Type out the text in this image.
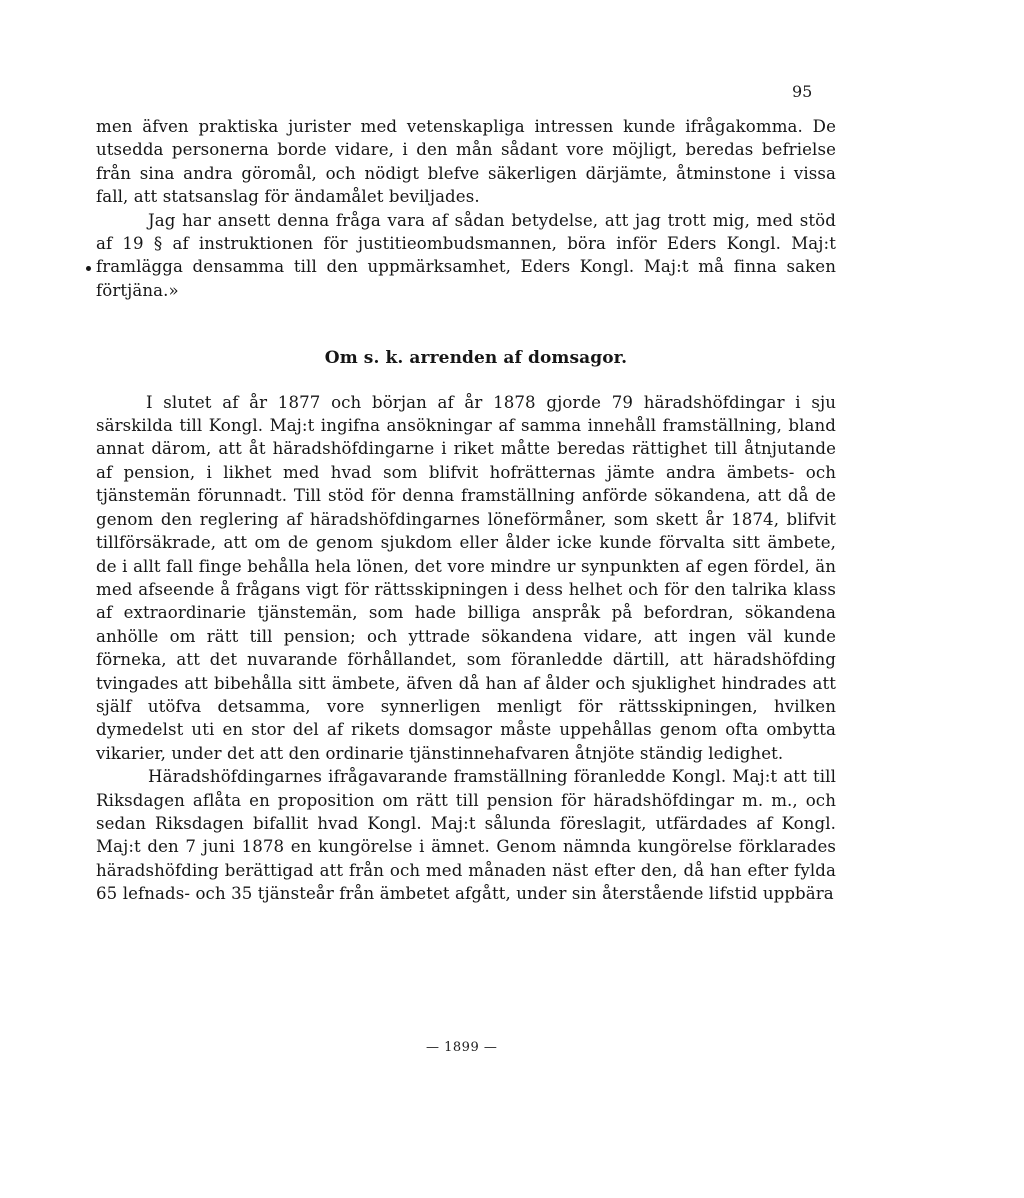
95

men äfven praktiska jurister med vetenskapliga intressen kunde ifrågakomma. De utsedda personerna borde vidare, i den mån sådant vore möjligt, beredas befrielse från sina andra göromål, och nödigt blefve säkerligen därjämte, åtminstone i vissa fall, att statsanslag för ändamålet beviljades.

Jag har ansett denna fråga vara af sådan betydelse, att jag trott mig, med stöd af 19 § af instruktionen för justitieombudsmannen, böra inför Eders Kongl. Maj:t framlägga densamma till den uppmärksamhet, Eders Kongl. Maj:t må finna saken förtjäna.»

Om s. k. arrenden af domsagor.

I slutet af år 1877 och början af år 1878 gjorde 79 häradshöfdingar i sju särskilda till Kongl. Maj:t ingifna ansökningar af samma innehåll framställning, bland annat därom, att åt häradshöfdingarne i riket måtte beredas rättighet till åtnjutande af pension, i likhet med hvad som blifvit hofrätternas jämte andra ämbets- och tjänstemän förunnadt. Till stöd för denna framställning anförde sökandena, att då de genom den reglering af häradshöfdingarnes löneförmåner, som skett år 1874, blifvit tillförsäkrade, att om de genom sjukdom eller ålder icke kunde förvalta sitt ämbete, de i allt fall finge behålla hela lönen, det vore mindre ur synpunkten af egen fördel, än med afseende å frågans vigt för rättsskipningen i dess helhet och för den talrika klass af extraordinarie tjänstemän, som hade billiga anspråk på befordran, sökandena anhölle om rätt till pension; och yttrade sökandena vidare, att ingen väl kunde förneka, att det nuvarande förhållandet, som föranledde därtill, att häradshöfding tvingades att bibehålla sitt ämbete, äfven då han af ålder och sjuklighet hindrades att själf utöfva detsamma, vore synnerligen menligt för rättsskipningen, hvilken dymedelst uti en stor del af rikets domsagor måste uppehållas genom ofta ombytta vikarier, under det att den ordinarie tjänstinnehafvaren åtnjöte ständig ledighet.

Häradshöfdingarnes ifrågavarande framställning föranledde Kongl. Maj:t att till Riksdagen aflåta en proposition om rätt till pension för häradshöfdingar m. m., och sedan Riksdagen bifallit hvad Kongl. Maj:t sålunda föreslagit, utfärdades af Kongl. Maj:t den 7 juni 1878 en kungörelse i ämnet. Genom nämnda kungörelse förklarades häradshöfding berättigad att från och med månaden näst efter den, då han efter fylda 65 lefnads- och 35 tjänsteår från ämbetet afgått, under sin återstående lifstid uppbära

— 1899 —
